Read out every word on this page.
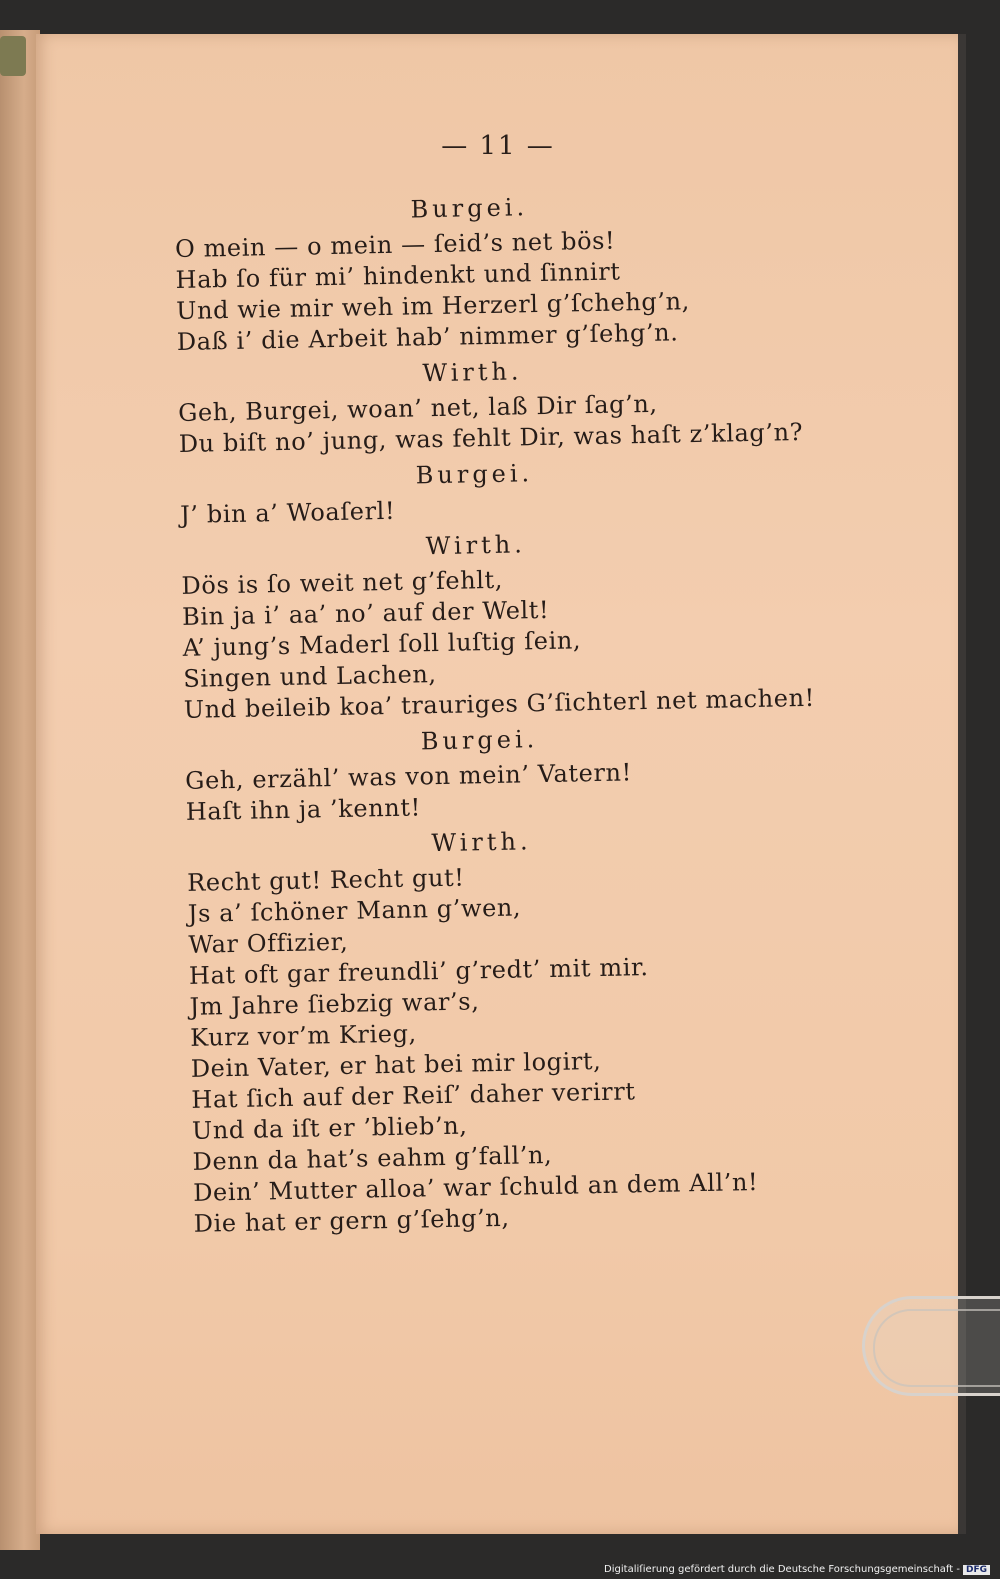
— 11 —
Burgei.
O mein — o mein — ſeid’s net bös!
Hab ſo für mi’ hindenkt und ſinnirt
Und wie mir weh im Herzerl g’ſchehg’n,
Daß i’ die Arbeit hab’ nimmer g’ſehg’n.
Wirth.
Geh, Burgei, woan’ net, laß Dir ſag’n,
Du biſt no’ jung, was fehlt Dir, was haſt z’klag’n?
Burgei.
J’ bin a’ Woaſerl!
Wirth.
Dös is ſo weit net g’fehlt,
Bin ja i’ aa’ no’ auf der Welt!
A’ jung’s Maderl ſoll luſtig ſein,
Singen und Lachen,
Und beileib koa’ trauriges G’ſichterl net machen!
Burgei.
Geh, erzähl’ was von mein’ Vatern!
Haſt ihn ja ’kennt!
Wirth.
Recht gut! Recht gut!
Js a’ ſchöner Mann g’wen,
War Offizier,
Hat oft gar freundli’ g’redt’ mit mir.
Jm Jahre ſiebzig war’s,
Kurz vor’m Krieg,
Dein Vater, er hat bei mir logirt,
Hat ſich auf der Reiſ’ daher verirrt
Und da iſt er ’blieb’n,
Denn da hat’s eahm g’fall’n,
Dein’ Mutter alloa’ war ſchuld an dem All’n!
Die hat er gern g’ſehg’n,
Digitaliſierung gefördert durch die Deutsche Forschungsgemeinschaft - DFG
